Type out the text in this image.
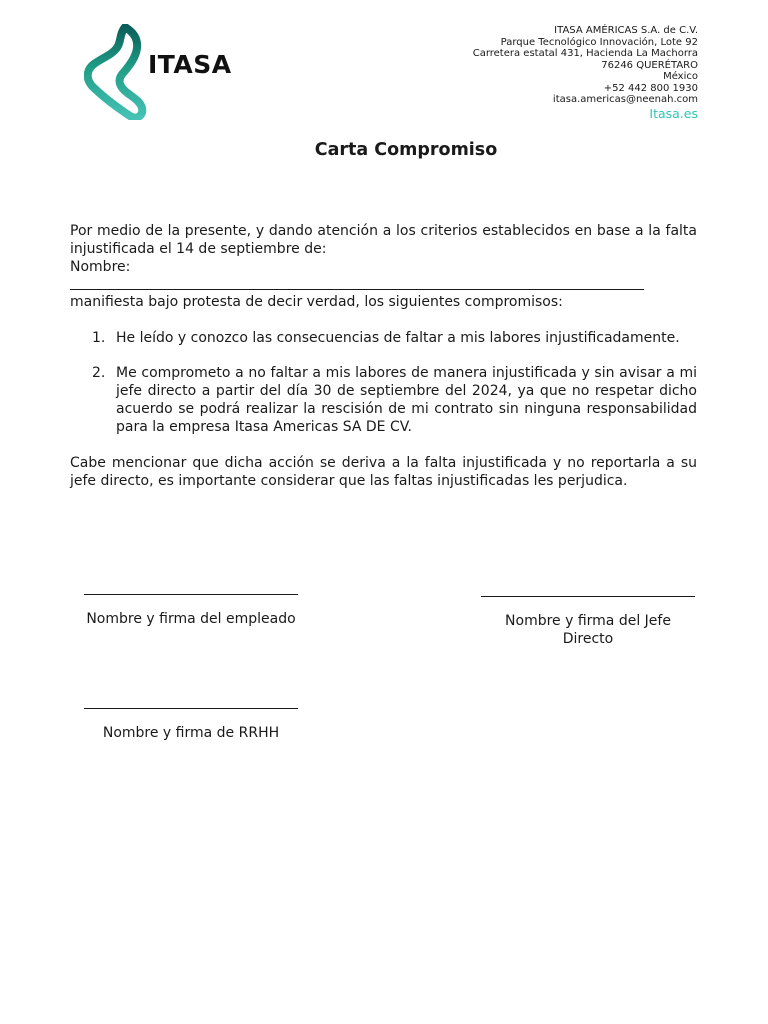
ITASA
ITASA AMÉRICAS S.A. de C.V.
Parque Tecnológico Innovación, Lote 92
Carretera estatal 431, Hacienda La Machorra
76246 QUERÉTARO
México
+52 442 800 1930
itasa.americas@neenah.com
Itasa.es
Carta Compromiso
Por medio de la presente, y dando atención a los criterios establecidos en base a la falta injustificada el 14 de septiembre de:
Nombre:
manifiesta bajo protesta de decir verdad, los siguientes compromisos:
1. He leído y conozco las consecuencias de faltar a mis labores injustificadamente.
2. Me comprometo a no faltar a mis labores de manera injustificada y sin avisar a mi jefe directo a partir del día 30 de septiembre del 2024, ya que no respetar dicho acuerdo se podrá realizar la rescisión de mi contrato sin ninguna responsabilidad para la empresa Itasa Americas SA DE CV.
Cabe mencionar que dicha acción se deriva a la falta injustificada y no reportarla a su jefe directo, es importante considerar que las faltas injustificadas les perjudica.
Nombre y firma del empleado	Nombre y firma del Jefe
Directo
Nombre y firma de RRHH
